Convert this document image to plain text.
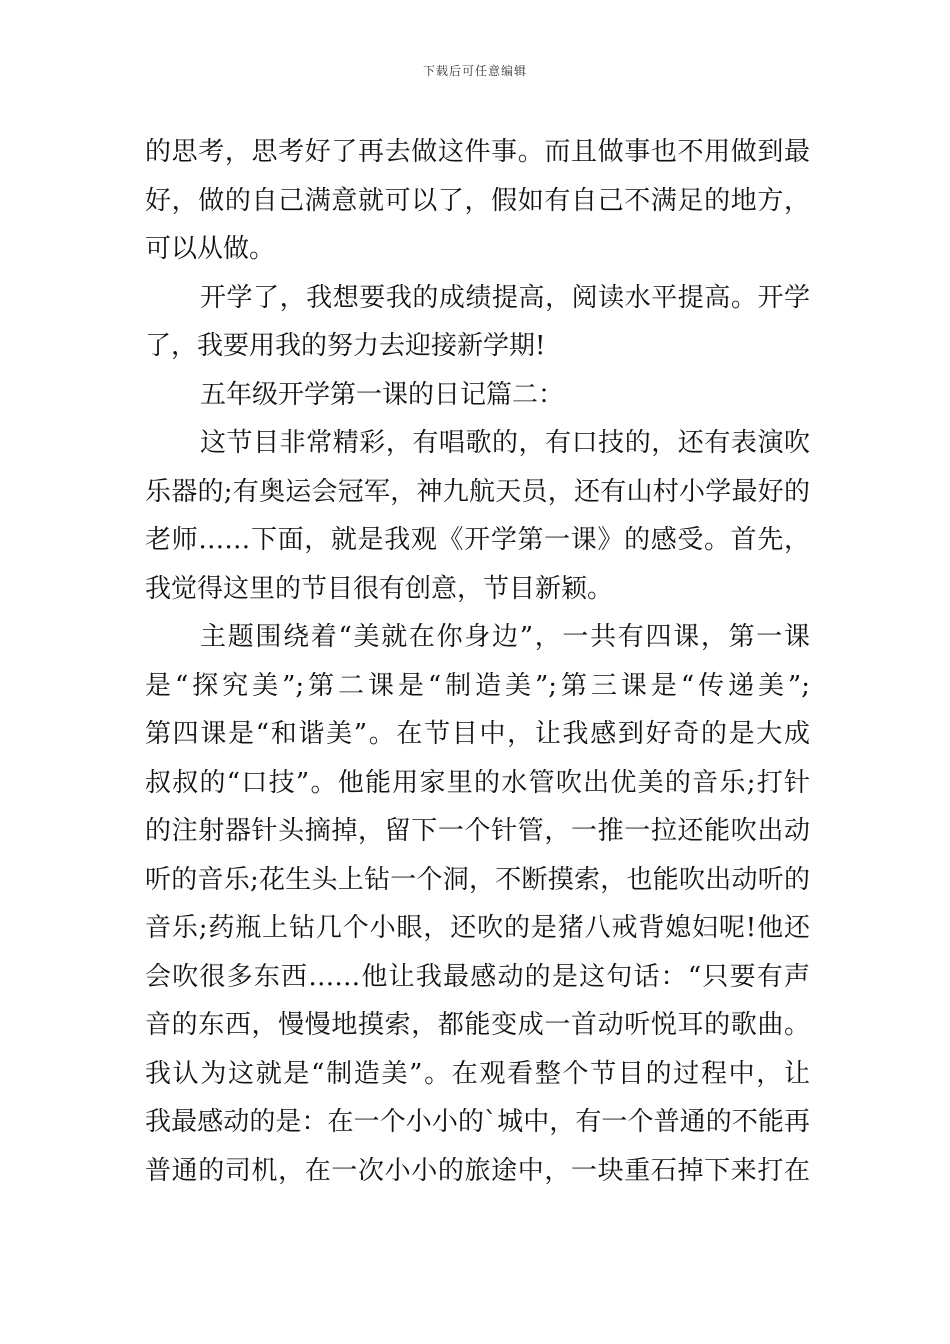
下载后可任意编辑
的思考，思考好了再去做这件事。而且做事也不用做到最
好，做的自己满意就可以了，假如有自己不满足的地方，
可以从做。
开学了，我想要我的成绩提高，阅读水平提高。开学
了，我要用我的努力去迎接新学期!
五年级开学第一课的日记篇二：
这节目非常精彩，有唱歌的，有口技的，还有表演吹
乐器的;有奥运会冠军，神九航天员，还有山村小学最好的
老师……下面，就是我观《开学第一课》的感受。首先，
我觉得这里的节目很有创意，节目新颖。
主题围绕着“美就在你身边”，一共有四课，第一课
是“探究美”;第二课是“制造美”;第三课是“传递美”;
第四课是“和谐美”。在节目中，让我感到好奇的是大成
叔叔的“口技”。他能用家里的水管吹出优美的音乐;打针
的注射器针头摘掉，留下一个针管，一推一拉还能吹出动
听的音乐;花生头上钻一个洞，不断摸索，也能吹出动听的
音乐;药瓶上钻几个小眼，还吹的是猪八戒背媳妇呢!他还
会吹很多东西……他让我最感动的是这句话：“只要有声
音的东西，慢慢地摸索，都能变成一首动听悦耳的歌曲。
我认为这就是“制造美”。在观看整个节目的过程中，让
我最感动的是：在一个小小的`城中，有一个普通的不能再
普通的司机，在一次小小的旅途中，一块重石掉下来打在
